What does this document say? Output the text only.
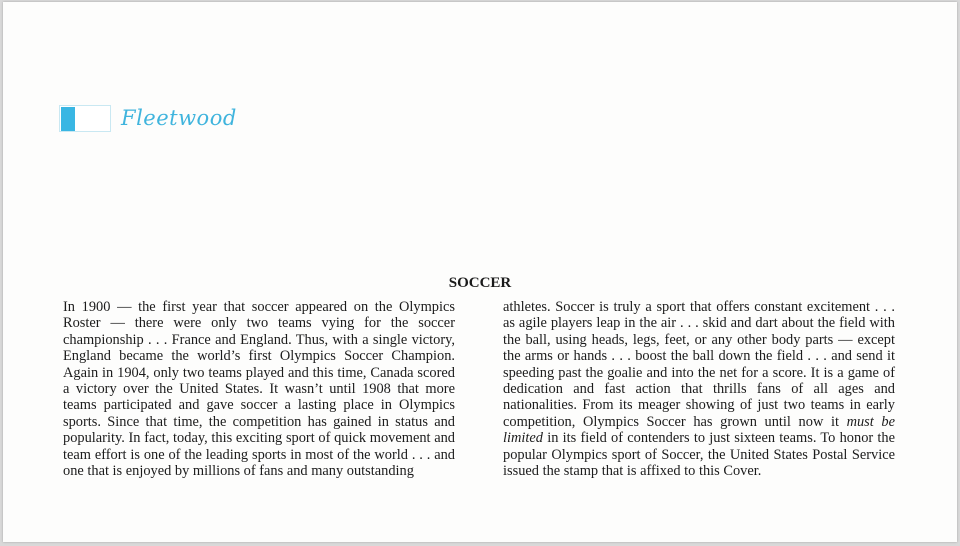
Fleetwood
SOCCER

In 1900 — the first year that soccer appeared on the Olympics Roster — there were only two teams vying for the soccer championship . . . France and England. Thus, with a single victory, England became the world’s first Olympics Soccer Champion. Again in 1904, only two teams played and this time, Canada scored a victory over the United States. It wasn’t until 1908 that more teams participated and gave soccer a lasting place in Olympics sports. Since that time, the competition has gained in status and popularity. In fact, today, this exciting sport of quick movement and team effort is one of the leading sports in most of the world . . . and one that is enjoyed by millions of fans and many outstanding

athletes. Soccer is truly a sport that offers constant excitement . . . as agile players leap in the air . . . skid and dart about the field with the ball, using heads, legs, feet, or any other body parts — except the arms or hands . . . boost the ball down the field . . . and send it speeding past the goalie and into the net for a score. It is a game of dedication and fast action that thrills fans of all ages and nationalities. From its meager showing of just two teams in early competition, Olympics Soccer has grown until now it must be limited in its field of contenders to just sixteen teams. To honor the popular Olympics sport of Soccer, the United States Postal Service issued the stamp that is affixed to this Cover.
